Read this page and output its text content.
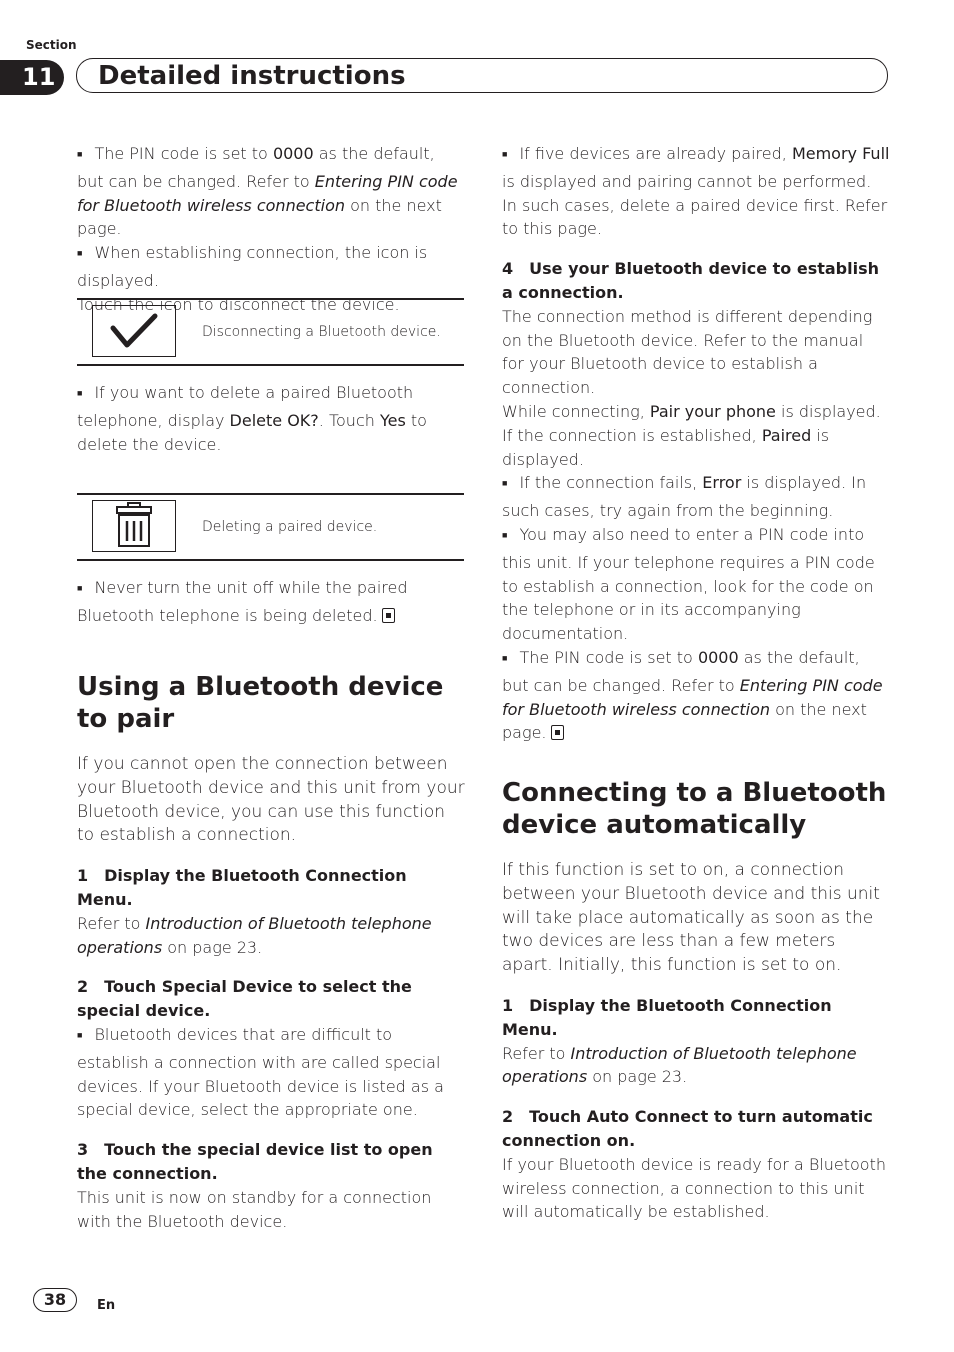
Section
11	Detailed instructions

■ The PIN code is set to 0000 as the default, but can be changed. Refer to Entering PIN code for Bluetooth wireless connection on the next page.

■ When establishing connection, the icon is displayed.

Touch the icon to disconnect the device.

Disconnecting a Bluetooth device.

■ If you want to delete a paired Bluetooth telephone, display Delete OK?. Touch Yes to delete the device.

Deleting a paired device.

■ Never turn the unit off while the paired Bluetooth telephone is being deleted.

Using a Bluetooth device to pair

If you cannot open the connection between your Bluetooth device and this unit from your Bluetooth device, you can use this function to establish a connection.

1 Display the Bluetooth Connection Menu.

Refer to Introduction of Bluetooth telephone operations on page 23.

2 Touch Special Device to select the special device.

■ Bluetooth devices that are difficult to establish a connection with are called special devices. If your Bluetooth device is listed as a special device, select the appropriate one.

3 Touch the special device list to open the connection.

This unit is now on standby for a connection with the Bluetooth device.

■ If five devices are already paired, Memory Full is displayed and pairing cannot be performed. In such cases, delete a paired device first. Refer to this page.

4 Use your Bluetooth device to establish a connection.

The connection method is different depending on the Bluetooth device. Refer to the manual for your Bluetooth device to establish a connection.

While connecting, Pair your phone is displayed. If the connection is established, Paired is displayed.

■ If the connection fails, Error is displayed. In such cases, try again from the beginning.

■ You may also need to enter a PIN code into this unit. If your telephone requires a PIN code to establish a connection, look for the code on the telephone or in its accompanying documentation.

■ The PIN code is set to 0000 as the default, but can be changed. Refer to Entering PIN code for Bluetooth wireless connection on the next page.

Connecting to a Bluetooth device automatically

If this function is set to on, a connection between your Bluetooth device and this unit will take place automatically as soon as the two devices are less than a few meters apart. Initially, this function is set to on.

1 Display the Bluetooth Connection Menu.

Refer to Introduction of Bluetooth telephone operations on page 23.

2 Touch Auto Connect to turn automatic connection on.

If your Bluetooth device is ready for a Bluetooth wireless connection, a connection to this unit will automatically be established.

38	En
